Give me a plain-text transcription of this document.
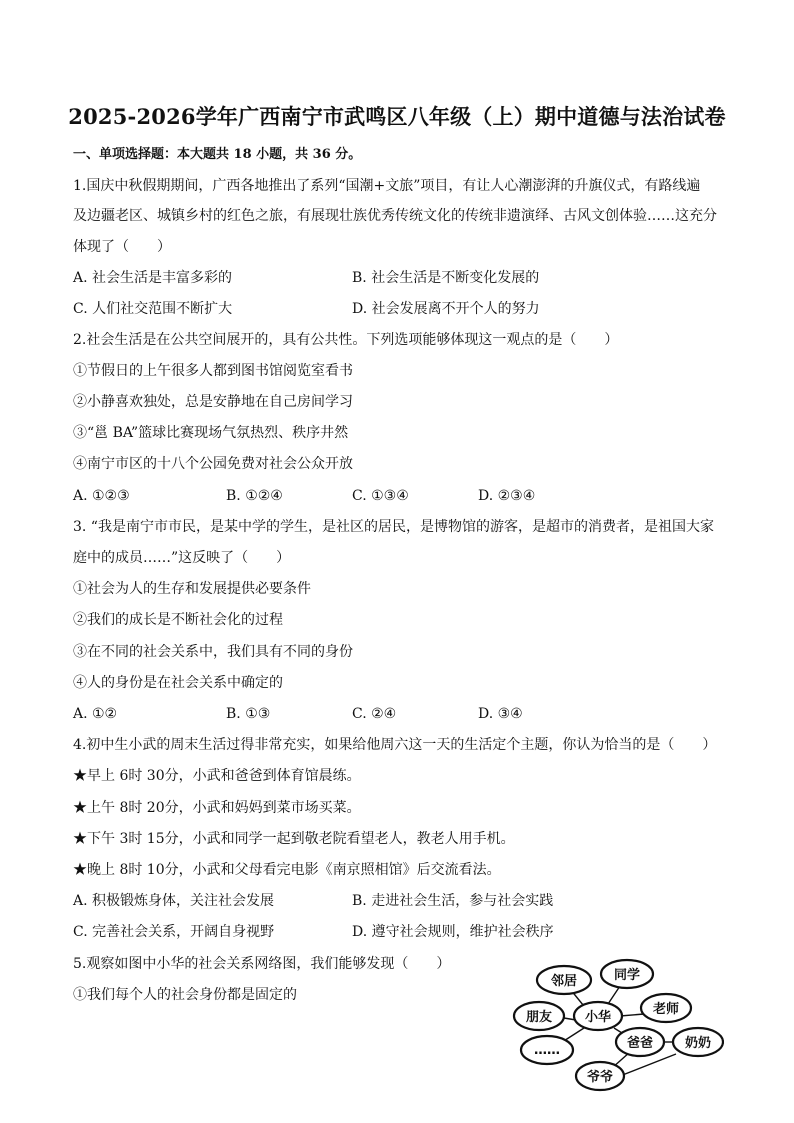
2025-2026学年广西南宁市武鸣区八年级（上）期中道德与法治试卷
一、单项选择题：本大题共 18 小题，共 36 分。
1.国庆中秋假期期间，广西各地推出了系列“国潮+文旅”项目，有让人心潮澎湃的升旗仪式，有路线遍
及边疆老区、城镇乡村的红色之旅，有展现壮族优秀传统文化的传统非遗演绎、古风文创体验……这充分
体现了（　　）
A. 社会生活是丰富多彩的	B. 社会生活是不断变化发展的
C. 人们社交范围不断扩大	D. 社会发展离不开个人的努力
2.社会生活是在公共空间展开的，具有公共性。下列选项能够体现这一观点的是（　　）
①节假日的上午很多人都到图书馆阅览室看书
②小静喜欢独处，总是安静地在自己房间学习
③“邕 BA”篮球比赛现场气氛热烈、秩序井然
④南宁市区的十八个公园免费对社会公众开放
A. ①②③	B. ①②④	C. ①③④	D. ②③④
3. “我是南宁市市民，是某中学的学生，是社区的居民，是博物馆的游客，是超市的消费者，是祖国大家
庭中的成员……”这反映了（　　）
①社会为人的生存和发展提供必要条件
②我们的成长是不断社会化的过程
③在不同的社会关系中，我们具有不同的身份
④人的身份是在社会关系中确定的
A. ①②	B. ①③	C. ②④	D. ③④
4.初中生小武的周末生活过得非常充实，如果给他周六这一天的生活定个主题，你认为恰当的是（　　）
★早上 6时 30分，小武和爸爸到体育馆晨练。
★上午 8时 20分，小武和妈妈到菜市场买菜。
★下午 3时 15分，小武和同学一起到敬老院看望老人，教老人用手机。
★晚上 8时 10分，小武和父母看完电影《南京照相馆》后交流看法。
A. 积极锻炼身体，关注社会发展	B. 走进社会生活，参与社会实践
C. 完善社会关系，开阔自身视野	D. 遵守社会规则，维护社会秩序
5.观察如图中小华的社会关系网络图，我们能够发现（　　）
①我们每个人的社会身份都是固定的
邻居	同学
老师
朋友	小华
……	爸爸 奶奶
爷爷
